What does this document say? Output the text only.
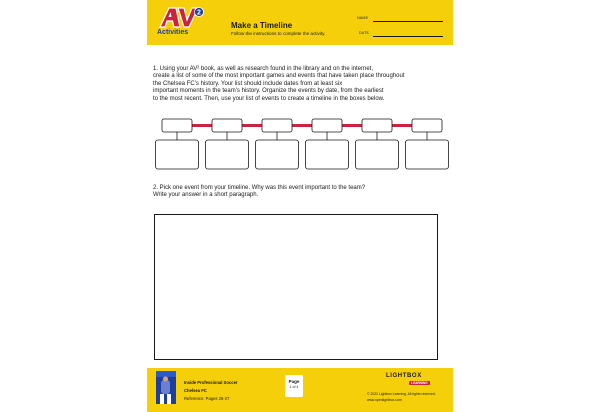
2
Activities
Make a Timeline
Follow the instructions to complete the activity.
NAME
DATE
1. Using your AV² book, as well as research found in the library and on the internet,
create a list of some of the most important games and events that have taken place throughout
the Chelsea FC’s history. Your list should include dates from at least six
important moments in the team’s history. Organize the events by date, from the earliest
to the most recent. Then, use your list of events to create a timeline in the boxes below.
2. Pick one event from your timeline. Why was this event important to the team?
Write your answer in a short paragraph.
Inside Professional Soccer
Chelsea FC
Reference: Pages 26-27
Page
1 of 4
LIGHTBOX
LEARNING
© 2022 Lightbox Learning. All rights reserved.
www.openlightbox.com
